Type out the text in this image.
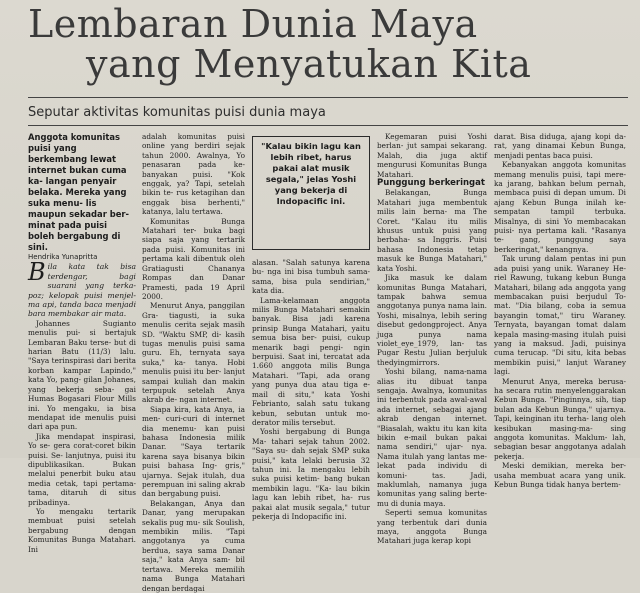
Lembaran Dunia Maya
yang Menyatukan Kita

Seputar aktivitas komunitas puisi dunia maya

Anggota komunitas puisi yang berkembang lewat internet bukan cuma ka- langan penyair belaka. Mereka yang suka menu- lis maupun sekadar ber- minat pada puisi boleh bergabung di sini.

Hendrika Yunapritta

Bila kata tak bisa terdengar, bagi suarani yang terka- poz; kelopak puisi menjel- ma api, tanda baca menjadi bara membakar air mata.

Johannes Sugianto menulis pui- si bertajuk Lembaran Baku terse- but di harian Batu (11/3) lalu. "Saya terinspirasi dari berita korban kampar Lapindo," kata Yo, pang- gilan Johanes, yang bekerja seba- gai Humas Bogasari Flour Mills ini. Yo mengaku, ia bisa mendapat ide menulis puisi dari apa pun.

Jika mendapat inspirasi, Yo se- gera corat-coret bikin puisi. Se- lanjutnya, puisi itu dipublikasikan. Bukan melalui penerbit buku atau media cetak, tapi pertama-tama, ditaruh di situs pribadinya.

Yo mengaku tertarik membuat puisi setelah bergabung dengan Komunitas Bunga Matahari. Ini

adalah komunitas puisi online yang berdiri sejak tahun 2000. Awalnya, Yo penasaran pada ke- banyakan puisi. "Kok enggak, ya? Tapi, setelah bikin te- rus ketagihan dan enggak bisa berhenti," katanya, lalu tertawa.

Komunitas Bunga Matahari ter- buka bagi siapa saja yang tertarik pada puisi. Komunitas ini pertama kali dibentuk oleh Gratiagusti Chananya Rompas dan Danar Pramesti, pada 19 April 2000.

Menurut Anya, panggilan Gra- tiagusti, ia suka menulis cerita sejak masih SD. "Waktu SMP, di- kasih tugas menulis puisi sama guru. Eh, ternyata saya suka," ka- tanya. Hobi menulis puisi itu ber- lanjut sampai kuliah dan makin terpupuk setelah Anya akrab de- ngan internet.

Siapa kira, kata Anya, ia men- curi-curi di internet dia menemu- kan puisi bahasa Indonesia milik Danar. "Saya tertarik karena saya bisanya bikin puisi bahasa Ing- gris," ujarnya. Sejak itulah, dua perempuan ini saling akrab dan bergabung puisi.

Belakangan, Anya dan Danar, yang merupakan sekalis pug mu- sik Soulish, membikin milis. "Tapi anggotanya ya cuma berdua, saya sama Danar saja," kata Anya sam- bil tertawa. Mereka memilih nama Bunga Matahari dengan berdagai

"Kalau bikin lagu kan lebih ribet, harus pakai alat musik segala," jelas Yoshi yang bekerja di Indopacific ini.

alasan. "Salah satunya karena bu- nga ini bisa tumbuh sama-sama, bisa pula sendirian," kata dia.

Lama-kelamaan anggota milis Bunga Matahari semakin banyak. Bisa jadi karena prinsip Bunga Matahari, yaitu semua bisa ber- puisi, cukup menarik bagi pengi- ngin berpuisi. Saat ini, tercatat ada 1.660 anggota milis Bunga Matahari. "Tapi, ada orang yang punya dua atau tiga e-mail di situ," kata Yoshi Febrianto, salah satu tukang kebun, sebutan untuk mo- derator milis tersebut.

Yoshi bergabung di Bunga Ma- tahari sejak tahun 2002. "Saya su- dah sejak SMP suka puisi," kata lelaki berusia 32 tahun ini. Ia mengaku lebih suka puisi ketim- bang bukan membikin lagu. "Ka- lau bikin lagu kan lebih ribet, ha- rus pakai alat musik segala," tutur pekerja di Indopacific ini.

Kegemaran puisi Yoshi berlan- jut sampai sekarang. Malah, dia juga aktif mengurusi Komunitas Bunga Matahari.

Punggung berkeringat

Belakangan, Bunga Matahari juga membentuk milis lain berna- ma The Coret. "Kalau itu milis khusus untuk puisi yang berbaha- sa Inggris. Puisi bahasa Indonesia tetap masuk ke Bunga Matahari," kata Yoshi.

Jika masuk ke dalam komunitas Bunga Matahari, tampak bahwa semua anggotanya punya nama lain. Yoshi, misalnya, lebih sering disebut gedongproject. Anya juga punya nama violet_eye_1979, lan- tas Pugar Restu Julian berjuluk thedyingmirrors.

Yoshi bilang, nama-nama alias itu dibuat tanpa sengaja. Awalnya, komunitas ini terbentuk pada awal-awal ada internet, sebagai ajang akrab dengan internet. "Biasalah, waktu itu kan kita bikin e-mail bukan pakai nama sendiri," ujar- nya. Nama itulah yang lantas me- lekat pada individu di komuni- tas. Jadi, maklumlah, namanya juga komunitas yang saling berte- mu di dunia maya.

Seperti semua komunitas yang terbentuk dari dunia maya, anggota Bunga Matahari juga kerap kopi

darat. Bisa diduga, ajang kopi da- rat, yang dinamai Kebun Bunga, menjadi pentas baca puisi.

Kebanyakan anggota komunitas memang menulis puisi, tapi mere- ka jarang, bahkan belum pernah, membaca puisi di depan umum. Di ajang Kebun Bunga inilah ke- sempatan tampil terbuka. Misalnya, di sini Yo membacakan puisi- nya pertama kali. "Rasanya te- gang, punggung saya berkeringat," kenangnya.

Tak urung dalam pentas ini pun ada puisi yang unik. Waraney He- riel Rawung, tukang kebun Bunga Matahari, bilang ada anggota yang membacakan puisi berjudul To- mat. "Dia bilang, coba ia semua bayangin tomat," tiru Waraney. Ternyata, bayangan tomat dalam kepala masing-masing itulah puisi yang ia maksud. Jadi, puisinya cuma terucap. "Di situ, kita bebas membikin puisi," lanjut Waraney lagi.

Menurut Anya, mereka berusa- ha secara rutin menyelenggarakan Kebun Bunga. "Pinginnya, sih, tiap bulan ada Kebun Bunga," ujarnya. Tapi, keinginan itu terha- lang oleh kesibukan masing-ma- sing anggota komunitas. Maklum- lah, sebagian besar anggotanya adalah pekerja.

Meski demikian, mereka ber- usaha membuat acara yang unik. Kebun Bunga tidak hanya bertem-
